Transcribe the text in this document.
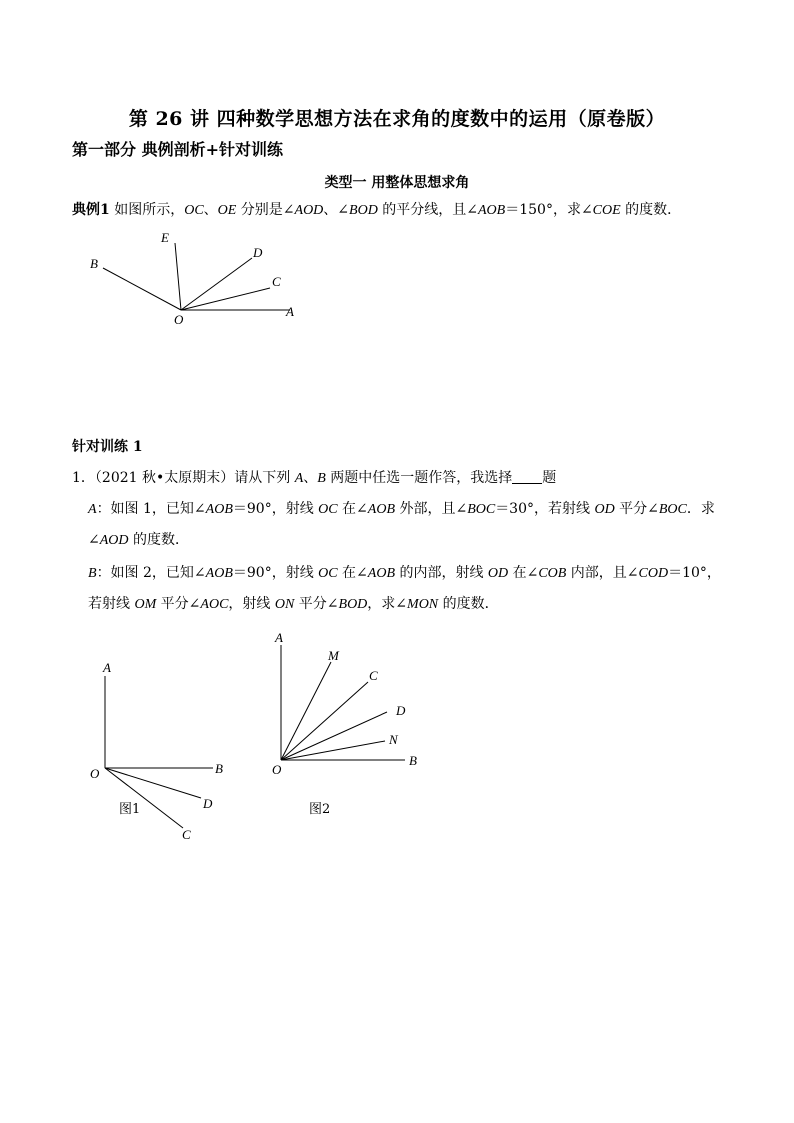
第 26 讲 四种数学思想方法在求角的度数中的运用（原卷版）
第一部分 典例剖析+针对训练
类型一 用整体思想求角
典例1 如图所示，OC、OE 分别是∠AOD、∠BOD 的平分线，且∠AOB＝150°，求∠COE 的度数．
E
D
B
C
O
A
针对训练 1
1．（2021 秋•太原期末）请从下列 A、B 两题中任选一题作答，我选择 题
A：如图 1，已知∠AOB＝90°，射线 OC 在∠AOB 外部，且∠BOC＝30°，若射线 OD 平分∠BOC．求
∠AOD 的度数．
B：如图 2，已知∠AOB＝90°，射线 OC 在∠AOB 的内部，射线 OD 在∠COB 内部，且∠COD＝10°，
若射线 OM 平分∠AOC，射线 ON 平分∠BOD，求∠MON 的度数．
A
O	B
D
C
图1
A
M
C
D
N
O
B
图2
